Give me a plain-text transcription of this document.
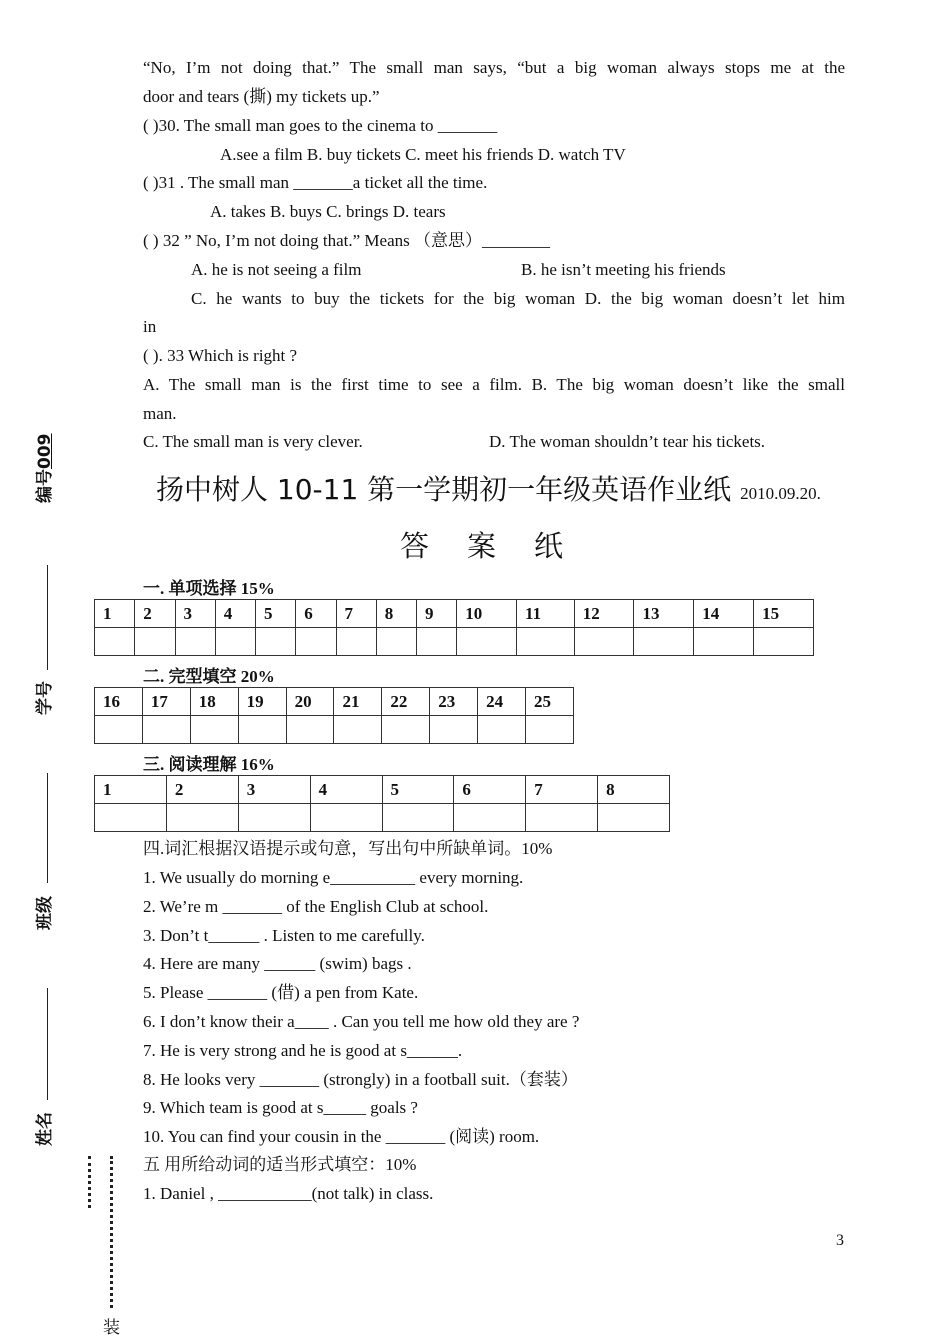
“No, I’m not doing that.” The small man says, “but a big woman always stops me at the
door and tears (撕) my tickets up.”
( )30. The small man goes to the cinema to _______
A.see a film B. buy tickets C. meet his friends D. watch TV
( )31 . The small man _______a ticket all the time.
A. takes B. buys C. brings D. tears
( ) 32 ” No, I’m not doing that.” Means （意思）________
A. he is not seeing a film	B. he isn’t meeting his friends
C. he wants to buy the tickets for the big woman D. the big woman doesn’t let him
in
( ). 33 Which is right ?
A. The small man is the first time to see a film. B. The big woman doesn’t like the small
man.
C. The small man is very clever.	D. The woman shouldn’t tear his tickets.
扬中树人 10-11 第一学期初一年级英语作业纸 2010.09.20.
答案纸
一. 单项选择 15%
1	2	3	4	5	6	7	8	9	10	11	12	13	14	15

二. 完型填空 20%
16	17	18	19	20	21	22	23	24	25

三. 阅读理解 16%
1	2	3	4	5	6	7	8

四.词汇根据汉语提示或句意，写出句中所缺单词。10%
1. We usually do morning e__________ every morning.
2. We’re m _______ of the English Club at school.
3. Don’t t______ . Listen to me carefully.
4. Here are many ______ (swim) bags .
5. Please _______ (借) a pen from Kate.
6. I don’t know their a____ . Can you tell me how old they are ?
7. He is very strong and he is good at s______.
8. He looks very _______ (strongly) in a football suit.（套装）
9. Which team is good at s_____ goals ?
10. You can find your cousin in the _______ (阅读) room.
五 用所给动词的适当形式填空：10%
1. Daniel , ___________(not talk) in class.
3
编号009
学号
班级
姓名
装
